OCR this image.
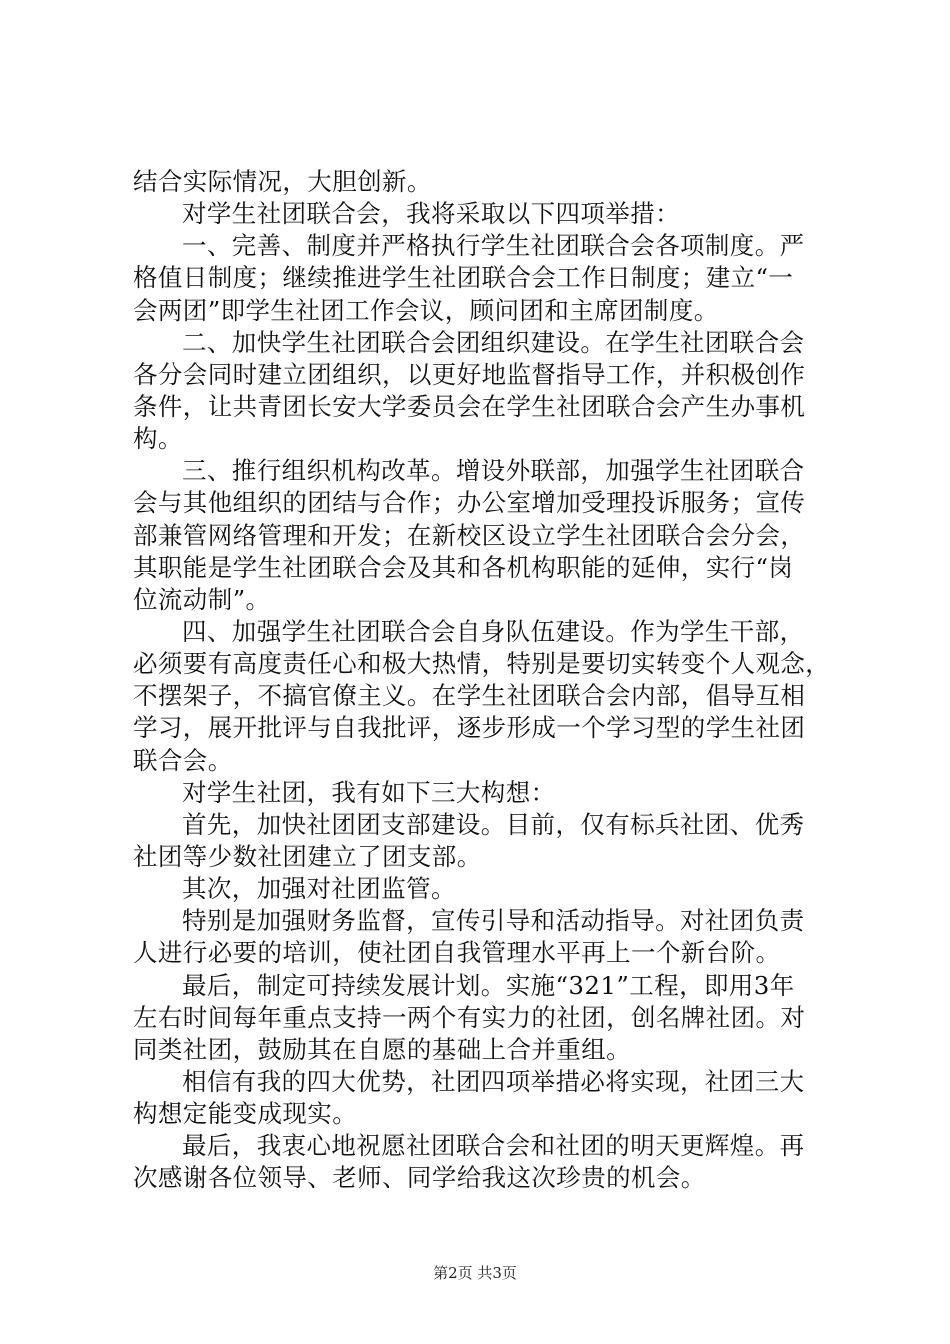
结合实际情况，大胆创新。
对学生社团联合会，我将采取以下四项举措：
一、完善、制度并严格执行学生社团联合会各项制度。严
格值日制度；继续推进学生社团联合会工作日制度；建立“一
会两团”即学生社团工作会议，顾问团和主席团制度。
二、加快学生社团联合会团组织建设。在学生社团联合会
各分会同时建立团组织，以更好地监督指导工作，并积极创作
条件，让共青团长安大学委员会在学生社团联合会产生办事机
构。
三、推行组织机构改革。增设外联部，加强学生社团联合
会与其他组织的团结与合作；办公室增加受理投诉服务；宣传
部兼管网络管理和开发；在新校区设立学生社团联合会分会，
其职能是学生社团联合会及其和各机构职能的延伸，实行“岗
位流动制”。
四、加强学生社团联合会自身队伍建设。作为学生干部，
必须要有高度责任心和极大热情，特别是要切实转变个人观念，
不摆架子，不搞官僚主义。在学生社团联合会内部，倡导互相
学习，展开批评与自我批评，逐步形成一个学习型的学生社团
联合会。
对学生社团，我有如下三大构想：
首先，加快社团团支部建设。目前，仅有标兵社团、优秀
社团等少数社团建立了团支部。
其次，加强对社团监管。
特别是加强财务监督，宣传引导和活动指导。对社团负责
人进行必要的培训，使社团自我管理水平再上一个新台阶。
最后，制定可持续发展计划。实施“321”工程，即用3年
左右时间每年重点支持一两个有实力的社团，创名牌社团。对
同类社团，鼓励其在自愿的基础上合并重组。
相信有我的四大优势，社团四项举措必将实现，社团三大
构想定能变成现实。
最后，我衷心地祝愿社团联合会和社团的明天更辉煌。再
次感谢各位领导、老师、同学给我这次珍贵的机会。
第2页 共3页
